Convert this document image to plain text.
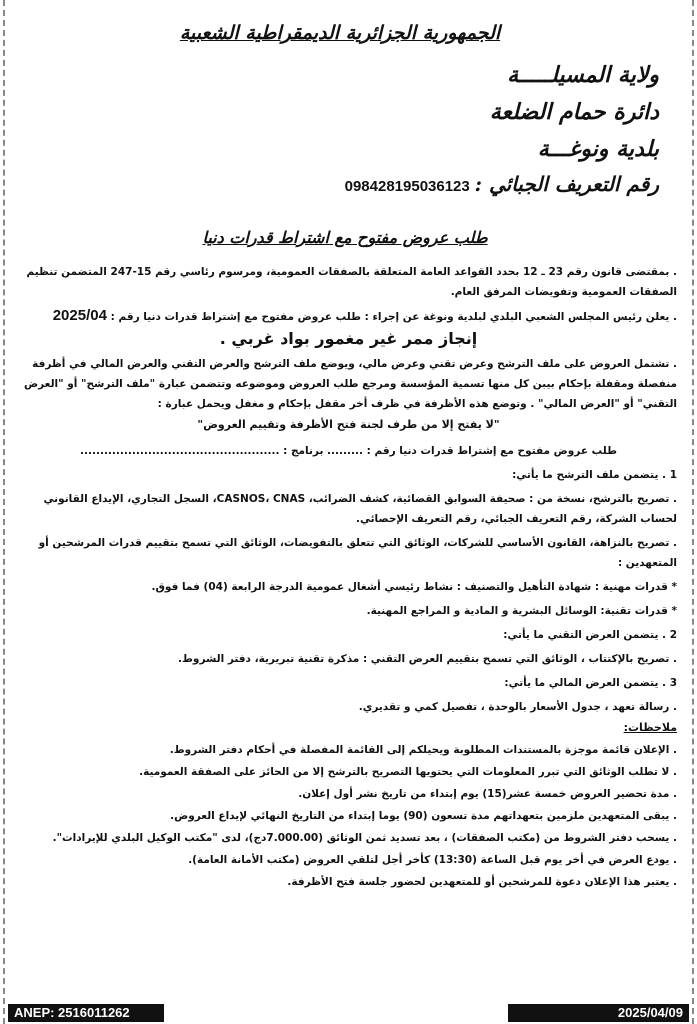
الجمهورية الجزائرية الديمقراطية الشعبية
ولاية المسيلـــــة
دائرة حمام الضلعة
بلدية ونوغـــة
رقم التعريف الجبائي : 098428195036123
طلب عروض مفتوح مع اشتراط قدرات دنيا

. بمقتضى قانون رقم 23 ـ 12 بحدد القواعد العامة المتعلقة بالصفقات العمومية، ومرسوم رئاسي رقم 15-247 المتضمن تنظيم الصفقات العمومية وتفويضات المرفق العام.

. يعلن رئيس المجلس الشعبي البلدي لبلدية ونوغة عن إجراء : طلب عروض مفتوح مع إشتراط قدرات دنيا رقم : 2025/04

إنجاز ممر غير مغمور بواد غربي .

. تشتمل العروض على ملف الترشح وعرض تقني وعرض مالي، ويوضع ملف الترشح والعرض التقني والعرض المالي في أظرفة منفصلة ومقفلة بإحكام بيبن كل منها تسمية المؤسسة ومرجع طلب العروض وموضوعه وتتضمن عبارة "ملف الترشح" أو "العرض التقني" أو "العرض المالي" . وتوضع هذه الأظرفة في ظرف أخر مقفل بإحكام و مغفل ويحمل عبارة :

"لا يفتح إلا من طرف لجنة فتح الأظرفة وتقييم العروض"

طلب عروض مفتوح مع إشتراط قدرات دنيا رقم : ......... برنامج : ..................................................

1 . يتضمن ملف الترشح ما يأتي:

. تصريح بالترشح، نسخة من : صحيفة السوابق القضائية، كشف الضرائب، CASNOS، CNAS، السجل التجاري، الإيداع القانوني لحساب الشركة، رقم التعريف الجبائي، رقم التعريف الإحصائي.

. تصريح بالنزاهة، القانون الأساسي للشركات، الوثائق التي تتعلق بالتفويضات، الوثائق التي تسمح بتقييم قدرات المرشحين أو المتعهدين :

* قدرات مهنية : شهادة التأهيل والتصنيف : نشاط رئيسي أشغال عمومية الدرجة الرابعة (04) فما فوق.

* قدرات تقنية: الوسائل البشرية و المادية و المراجع المهنية.

2 . يتضمن العرض التقني ما يأتي:

. تصريح بالإكتتاب ، الوثائق التي تسمح بتقييم العرض التقني : مذكرة تقنية تبريرية، دفتر الشروط.

3 . يتضمن العرض المالي ما يأتي:

. رسالة تعهد ، جدول الأسعار بالوحدة ، تفصيل كمي و تقديري.

ملاحظات:

. الإعلان قائمة موجزة بالمستندات المطلوبة ويحيلكم إلى القائمة المفصلة في أحكام دفتر الشروط.

. لا تطلب الوثائق التي تبرر المعلومات التي يحتويها التصريح بالترشح إلا من الحائز على الصفقة العمومية.

. مدة تحضير العروض خمسة عشر(15) يوم إبتداء من تاريخ نشر أول إعلان.

. يبقى المتعهدين ملزمين بتعهداتهم مدة تسعون (90) يوما إبتداء من التاريخ النهائي لإيداع العروض.

. يسحب دفتر الشروط من (مكتب الصفقات) ، بعد تسديد ثمن الوثائق (7.000.00دج)، لدى "مكتب الوكيل البلدي للإيرادات".

. يودع العرض في أخر يوم قبل الساعة (13:30) كأخر أجل لتلقي العروض (مكتب الأمانة العامة).

. يعتبر هذا الإعلان دعوة للمرشحين أو للمتعهدين لحضور جلسة فتح الأظرفة.

ANEP: 2516011262	2025/04/09
